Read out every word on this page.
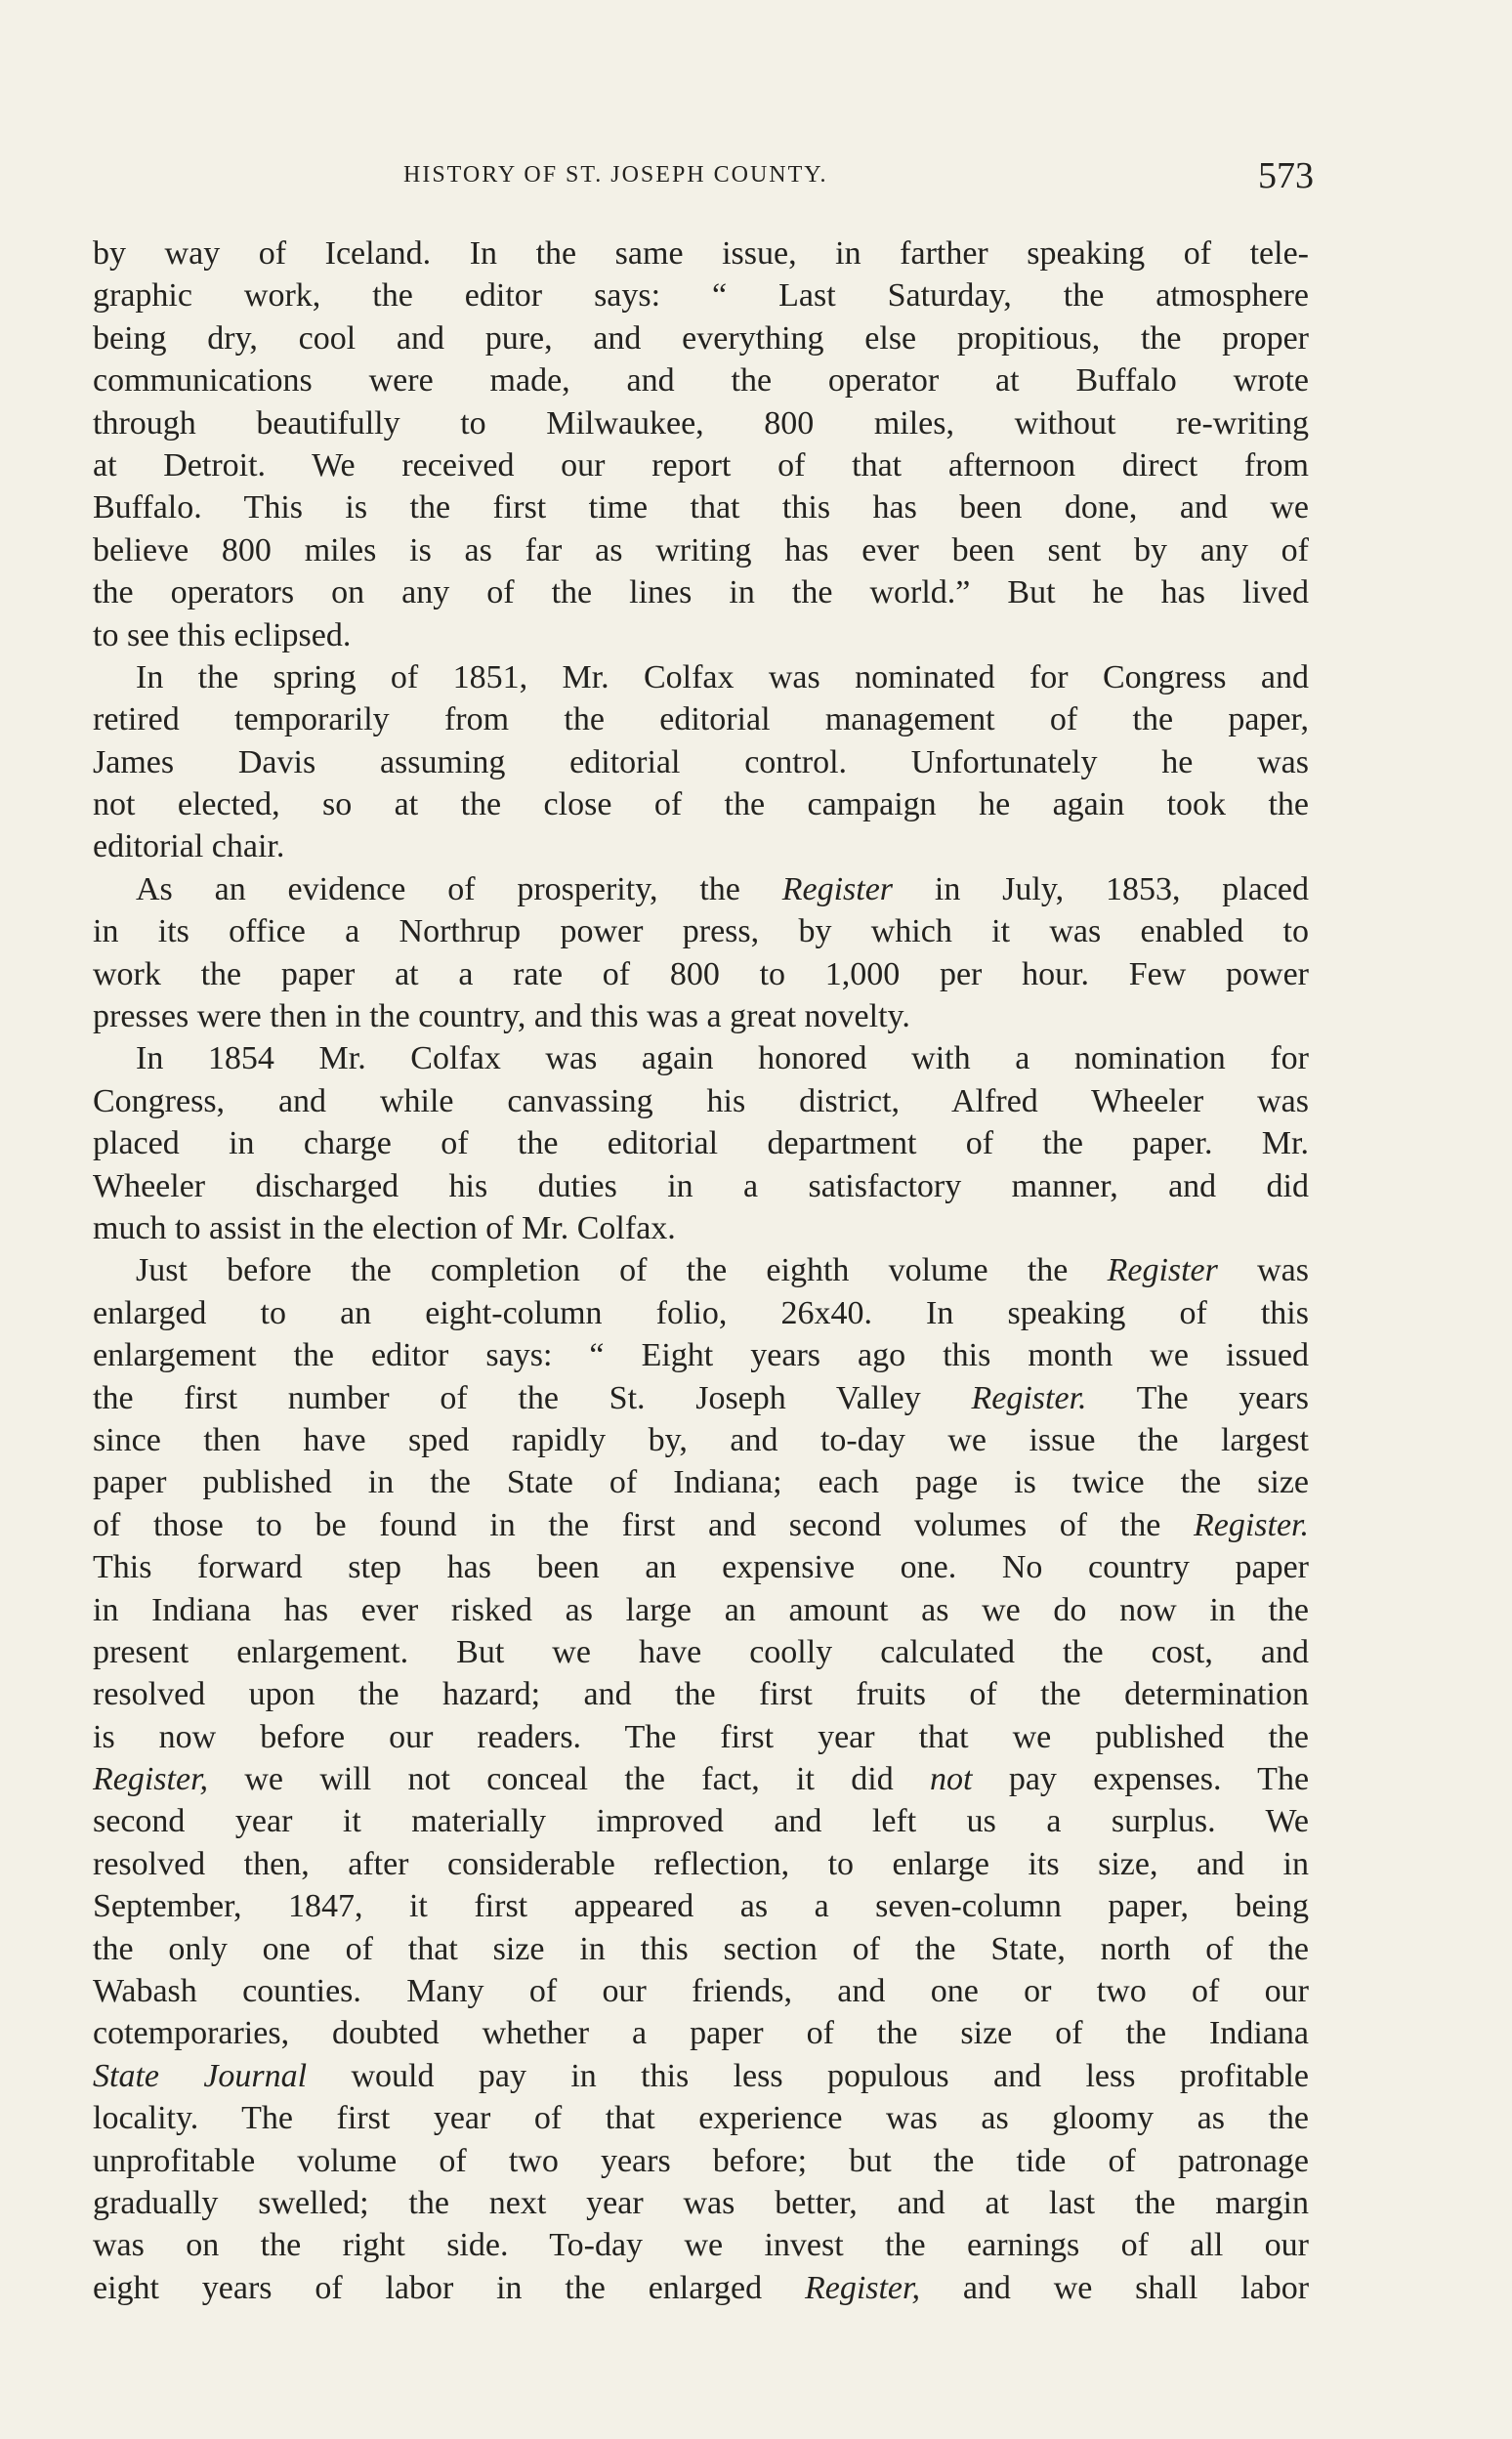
HISTORY OF ST. JOSEPH COUNTY.	573
by way of Iceland. In the same issue, in farther speaking of tele-
graphic work, the editor says: “ Last Saturday, the atmosphere
being dry, cool and pure, and everything else propitious, the proper
communications were made, and the operator at Buffalo wrote
through beautifully to Milwaukee, 800 miles, without re-writing
at Detroit. We received our report of that afternoon direct from
Buffalo. This is the first time that this has been done, and we
believe 800 miles is as far as writing has ever been sent by any of
the operators on any of the lines in the world.” But he has lived
to see this eclipsed.
In the spring of 1851, Mr. Colfax was nominated for Congress and
retired temporarily from the editorial management of the paper,
James Davis assuming editorial control. Unfortunately he was
not elected, so at the close of the campaign he again took the
editorial chair.
As an evidence of prosperity, the Register in July, 1853, placed
in its office a Northrup power press, by which it was enabled to
work the paper at a rate of 800 to 1,000 per hour. Few power
presses were then in the country, and this was a great novelty.
In 1854 Mr. Colfax was again honored with a nomination for
Congress, and while canvassing his district, Alfred Wheeler was
placed in charge of the editorial department of the paper. Mr.
Wheeler discharged his duties in a satisfactory manner, and did
much to assist in the election of Mr. Colfax.
Just before the completion of the eighth volume the Register was
enlarged to an eight-column folio, 26x40. In speaking of this
enlargement the editor says: “ Eight years ago this month we issued
the first number of the St. Joseph Valley Register. The years
since then have sped rapidly by, and to-day we issue the largest
paper published in the State of Indiana; each page is twice the size
of those to be found in the first and second volumes of the Register.
This forward step has been an expensive one. No country paper
in Indiana has ever risked as large an amount as we do now in the
present enlargement. But we have coolly calculated the cost, and
resolved upon the hazard; and the first fruits of the determination
is now before our readers. The first year that we published the
Register, we will not conceal the fact, it did not pay expenses. The
second year it materially improved and left us a surplus. We
resolved then, after considerable reflection, to enlarge its size, and in
September, 1847, it first appeared as a seven-column paper, being
the only one of that size in this section of the State, north of the
Wabash counties. Many of our friends, and one or two of our
cotemporaries, doubted whether a paper of the size of the Indiana
State Journal would pay in this less populous and less profitable
locality. The first year of that experience was as gloomy as the
unprofitable volume of two years before; but the tide of patronage
gradually swelled; the next year was better, and at last the margin
was on the right side. To-day we invest the earnings of all our
eight years of labor in the enlarged Register, and we shall labor
